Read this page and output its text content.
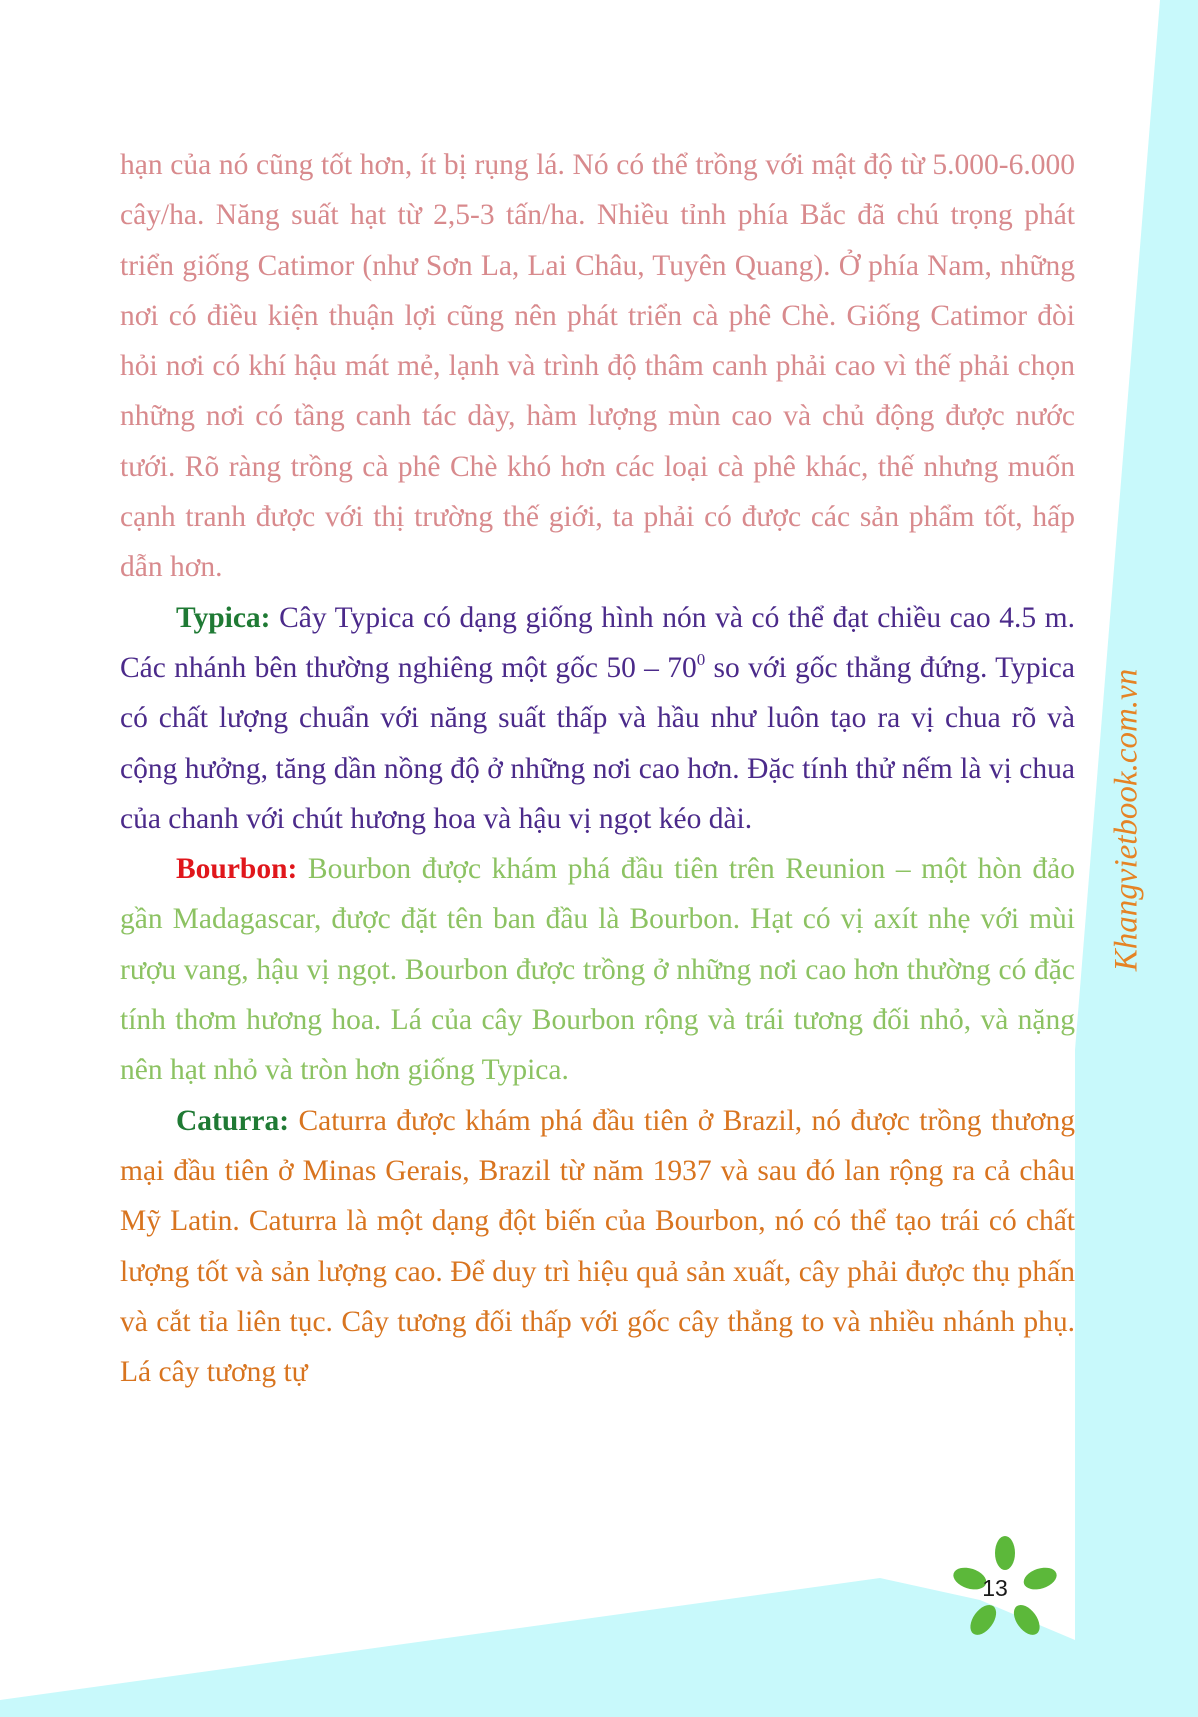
hạn của nó cũng tốt hơn, ít bị rụng lá. Nó có thể trồng với mật độ từ 5.000-6.000 cây/ha. Năng suất hạt từ 2,5-3 tấn/ha. Nhiều tỉnh phía Bắc đã chú trọng phát triển giống Catimor (như Sơn La, Lai Châu, Tuyên Quang). Ở phía Nam, những nơi có điều kiện thuận lợi cũng nên phát triển cà phê Chè. Giống Catimor đòi hỏi nơi có khí hậu mát mẻ, lạnh và trình độ thâm canh phải cao vì thế phải chọn những nơi có tầng canh tác dày, hàm lượng mùn cao và chủ động được nước tưới. Rõ ràng trồng cà phê Chè khó hơn các loại cà phê khác, thế nhưng muốn cạnh tranh được với thị trường thế giới, ta phải có được các sản phẩm tốt, hấp dẫn hơn.

Typica: Cây Typica có dạng giống hình nón và có thể đạt chiều cao 4.5 m. Các nhánh bên thường nghiêng một gốc $50 - 70^0$ so với gốc thẳng đứng. Typica có chất lượng chuẩn với năng suất thấp và hầu như luôn tạo ra vị chua rõ và cộng hưởng, tăng dần nồng độ ở những nơi cao hơn. Đặc tính thử nếm là vị chua của chanh với chút hương hoa và hậu vị ngọt kéo dài.

Bourbon: Bourbon được khám phá đầu tiên trên Reunion – một hòn đảo gần Madagascar, được đặt tên ban đầu là Bourbon. Hạt có vị axít nhẹ với mùi rượu vang, hậu vị ngọt. Bourbon được trồng ở những nơi cao hơn thường có đặc tính thơm hương hoa. Lá của cây Bourbon rộng và trái tương đối nhỏ, và nặng nên hạt nhỏ và tròn hơn giống Typica.

Caturra: Caturra được khám phá đầu tiên ở Brazil, nó được trồng thương mại đầu tiên ở Minas Gerais, Brazil từ năm 1937 và sau đó lan rộng ra cả châu Mỹ Latin. Caturra là một dạng đột biến của Bourbon, nó có thể tạo trái có chất lượng tốt và sản lượng cao. Để duy trì hiệu quả sản xuất, cây phải được thụ phấn và cắt tỉa liên tục. Cây tương đối thấp với gốc cây thẳng to và nhiều nhánh phụ. Lá cây tương tự

Khangvietbook.com.vn
13
